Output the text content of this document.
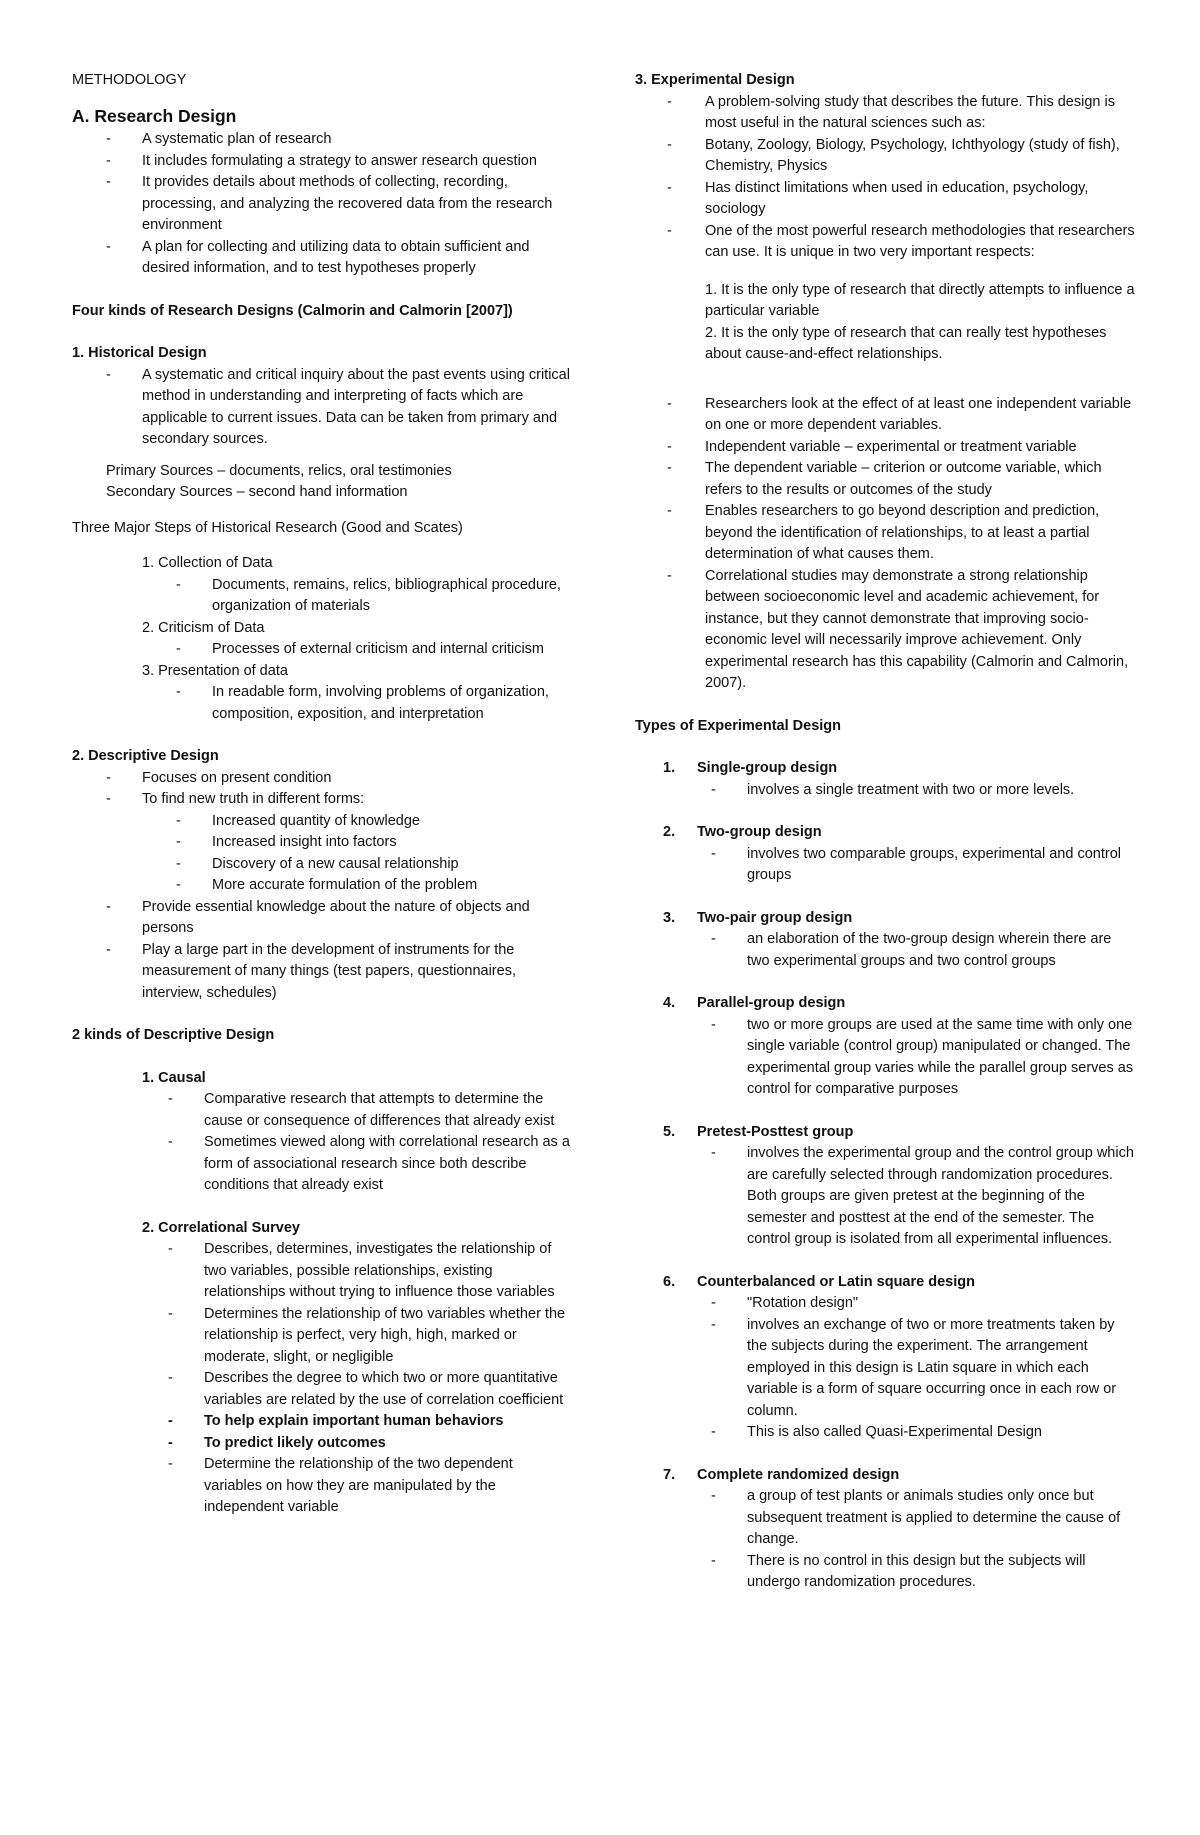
METHODOLOGY

A. Research Design

- A systematic plan of research
- It includes formulating a strategy to answer research question
- It provides details about methods of collecting, recording, processing, and analyzing the recovered data from the research environment
- A plan for collecting and utilizing data to obtain sufficient and desired information, and to test hypotheses properly

Four kinds of Research Designs (Calmorin and Calmorin [2007])

1. Historical Design

- A systematic and critical inquiry about the past events using critical method in understanding and interpreting of facts which are applicable to current issues. Data can be taken from primary and secondary sources.

Primary Sources – documents, relics, oral testimonies

Secondary Sources – second hand information

Three Major Steps of Historical Research (Good and Scates)

1. Collection of Data

- Documents, remains, relics, bibliographical procedure, organization of materials

2. Criticism of Data

- Processes of external criticism and internal criticism

3. Presentation of data

- In readable form, involving problems of organization, composition, exposition, and interpretation

2. Descriptive Design

- Focuses on present condition
- To find new truth in different forms:
- Increased quantity of knowledge
- Increased insight into factors
- Discovery of a new causal relationship
- More accurate formulation of the problem
- Provide essential knowledge about the nature of objects and persons
- Play a large part in the development of instruments for the measurement of many things (test papers, questionnaires, interview, schedules)

2 kinds of Descriptive Design

1. Causal

- Comparative research that attempts to determine the cause or consequence of differences that already exist
- Sometimes viewed along with correlational research as a form of associational research since both describe conditions that already exist

2. Correlational Survey

- Describes, determines, investigates the relationship of two variables, possible relationships, existing relationships without trying to influence those variables
- Determines the relationship of two variables whether the relationship is perfect, very high, high, marked or moderate, slight, or negligible
- Describes the degree to which two or more quantitative variables are related by the use of correlation coefficient
- To help explain important human behaviors
- To predict likely outcomes
- Determine the relationship of the two dependent variables on how they are manipulated by the independent variable

3. Experimental Design

- A problem-solving study that describes the future. This design is most useful in the natural sciences such as:
- Botany, Zoology, Biology, Psychology, Ichthyology (study of fish), Chemistry, Physics
- Has distinct limitations when used in education, psychology, sociology
- One of the most powerful research methodologies that researchers can use. It is unique in two very important respects:

1. It is the only type of research that directly attempts to influence a particular variable

2. It is the only type of research that can really test hypotheses about cause-and-effect relationships.

- Researchers look at the effect of at least one independent variable on one or more dependent variables.
- Independent variable – experimental or treatment variable
- The dependent variable – criterion or outcome variable, which refers to the results or outcomes of the study
- Enables researchers to go beyond description and prediction, beyond the identification of relationships, to at least a partial determination of what causes them.
- Correlational studies may demonstrate a strong relationship between socioeconomic level and academic achievement, for instance, but they cannot demonstrate that improving socio-economic level will necessarily improve achievement. Only experimental research has this capability (Calmorin and Calmorin, 2007).

Types of Experimental Design

1. Single-group design

- involves a single treatment with two or more levels.

2. Two-group design

- involves two comparable groups, experimental and control groups

3. Two-pair group design

- an elaboration of the two-group design wherein there are two experimental groups and two control groups

4. Parallel-group design

- two or more groups are used at the same time with only one single variable (control group) manipulated or changed. The experimental group varies while the parallel group serves as control for comparative purposes

5. Pretest-Posttest group

- involves the experimental group and the control group which are carefully selected through randomization procedures. Both groups are given pretest at the beginning of the semester and posttest at the end of the semester. The control group is isolated from all experimental influences.

6. Counterbalanced or Latin square design

- "Rotation design"
- involves an exchange of two or more treatments taken by the subjects during the experiment. The arrangement employed in this design is Latin square in which each variable is a form of square occurring once in each row or column.
- This is also called Quasi-Experimental Design

7. Complete randomized design

- a group of test plants or animals studies only once but subsequent treatment is applied to determine the cause of change.
- There is no control in this design but the subjects will undergo randomization procedures.
